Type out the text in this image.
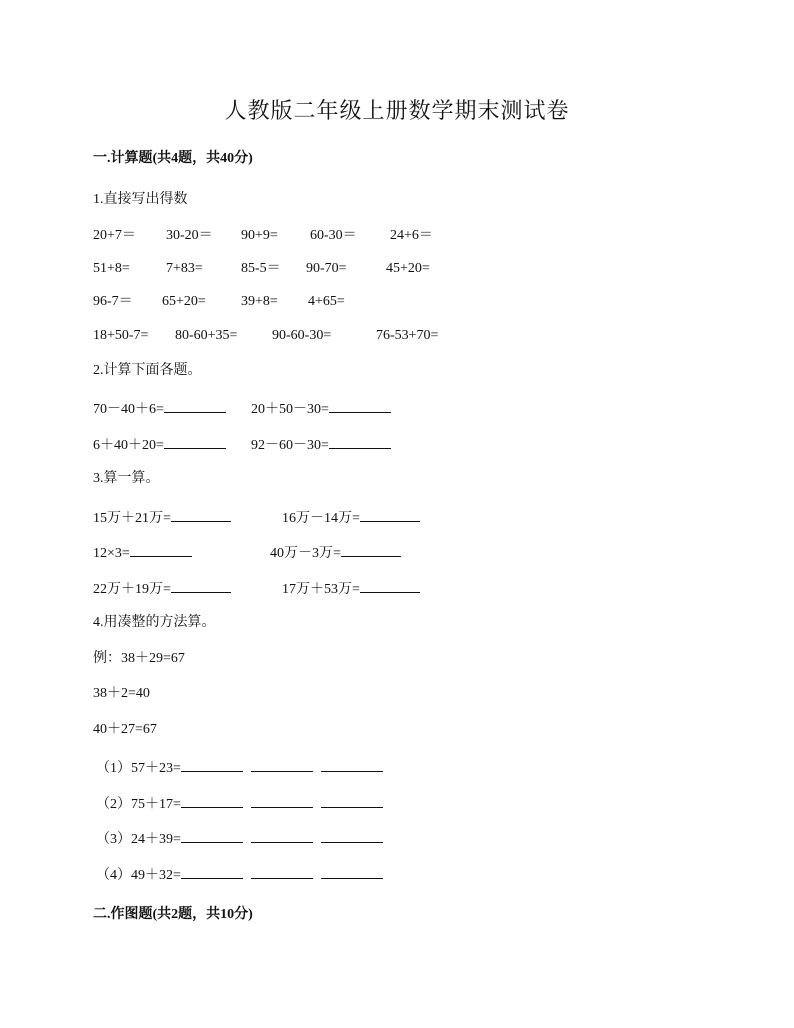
人教版二年级上册数学期末测试卷
一.计算题(共4题，共40分)
1.直接写出得数
20+7＝ 30-20＝ 90+9= 60-30＝ 24+6＝
51+8=	7+83=	85-5＝ 90-70=	45+20=
96-7＝ 65+20=	39+8= 4+65=
18+50-7= 80-60+35= 90-60-30=	76-53+70=
2.计算下面各题。
70－40＋6=	20＋50－30=
6＋40＋20=	92－60－30=
3.算一算。
15万＋21万=	16万－14万=
12×3=	40万－3万=
22万＋19万=	17万＋53万=
4.用凑整的方法算。
例：38＋29=67
38＋2=40
40＋27=67
（1）57＋23=
（2）75＋17=
（3）24＋39=
（4）49＋32=
二.作图题(共2题，共10分)
